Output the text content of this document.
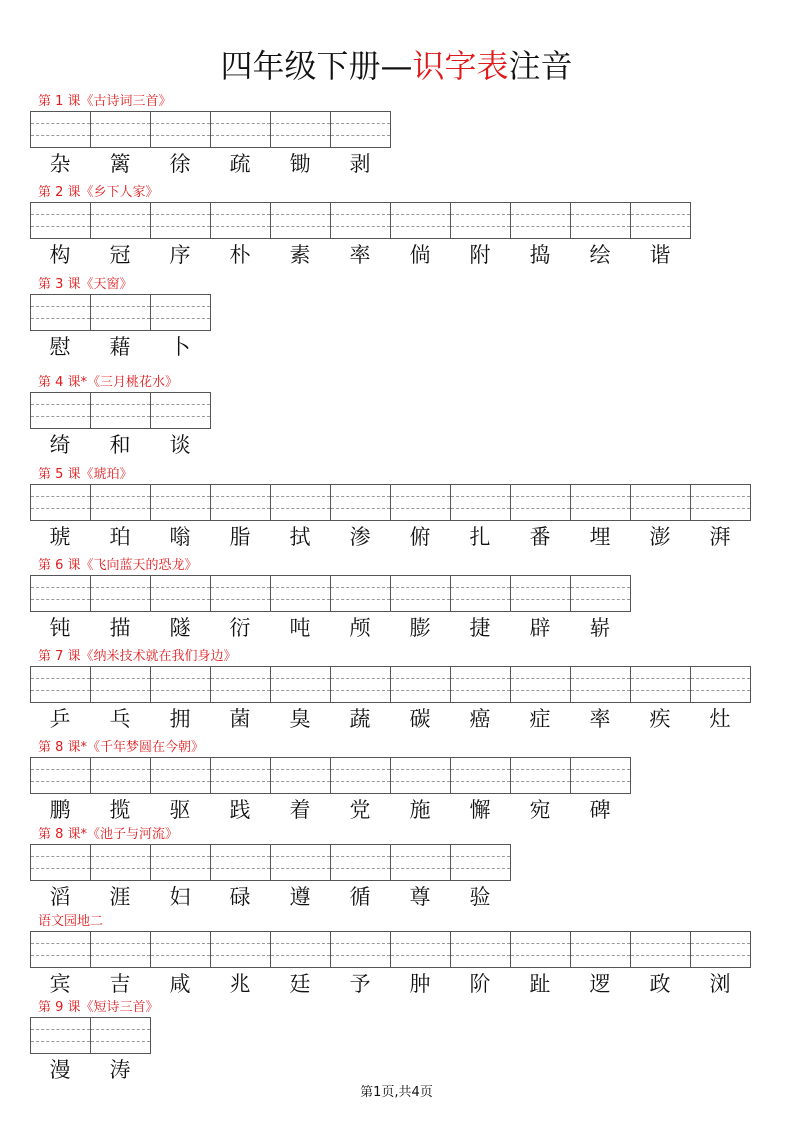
四年级下册—识字表注音
第 1 课《古诗词三首》
杂	篱	徐	疏	锄	剥
第 2 课《乡下人家》
构	冠	序	朴	素	率	倘	附	捣	绘	谐
第 3 课《天窗》
慰	藉	卜
第 4 课*《三月桃花水》
绮	和	谈
第 5 课《琥珀》
琥	珀	嗡	脂	拭	渗	俯	扎	番	埋	澎	湃
第 6 课《飞向蓝天的恐龙》
钝	描	隧	衍	吨	颅	膨	捷	辟	崭
第 7 课《纳米技术就在我们身边》
乒	乓	拥	菌	臭	蔬	碳	癌	症	率	疾	灶
第 8 课*《千年梦圆在今朝》
鹏	揽	驱	践	着	党	施	懈	宛	碑
第 8 课*《池子与河流》
滔	涯	妇	碌	遵	循	尊	验
语文园地二
宾	吉	咸	兆	廷	予	肿	阶	趾	逻	政	浏
第 9 课《短诗三首》
漫	涛
第1页,共4页
